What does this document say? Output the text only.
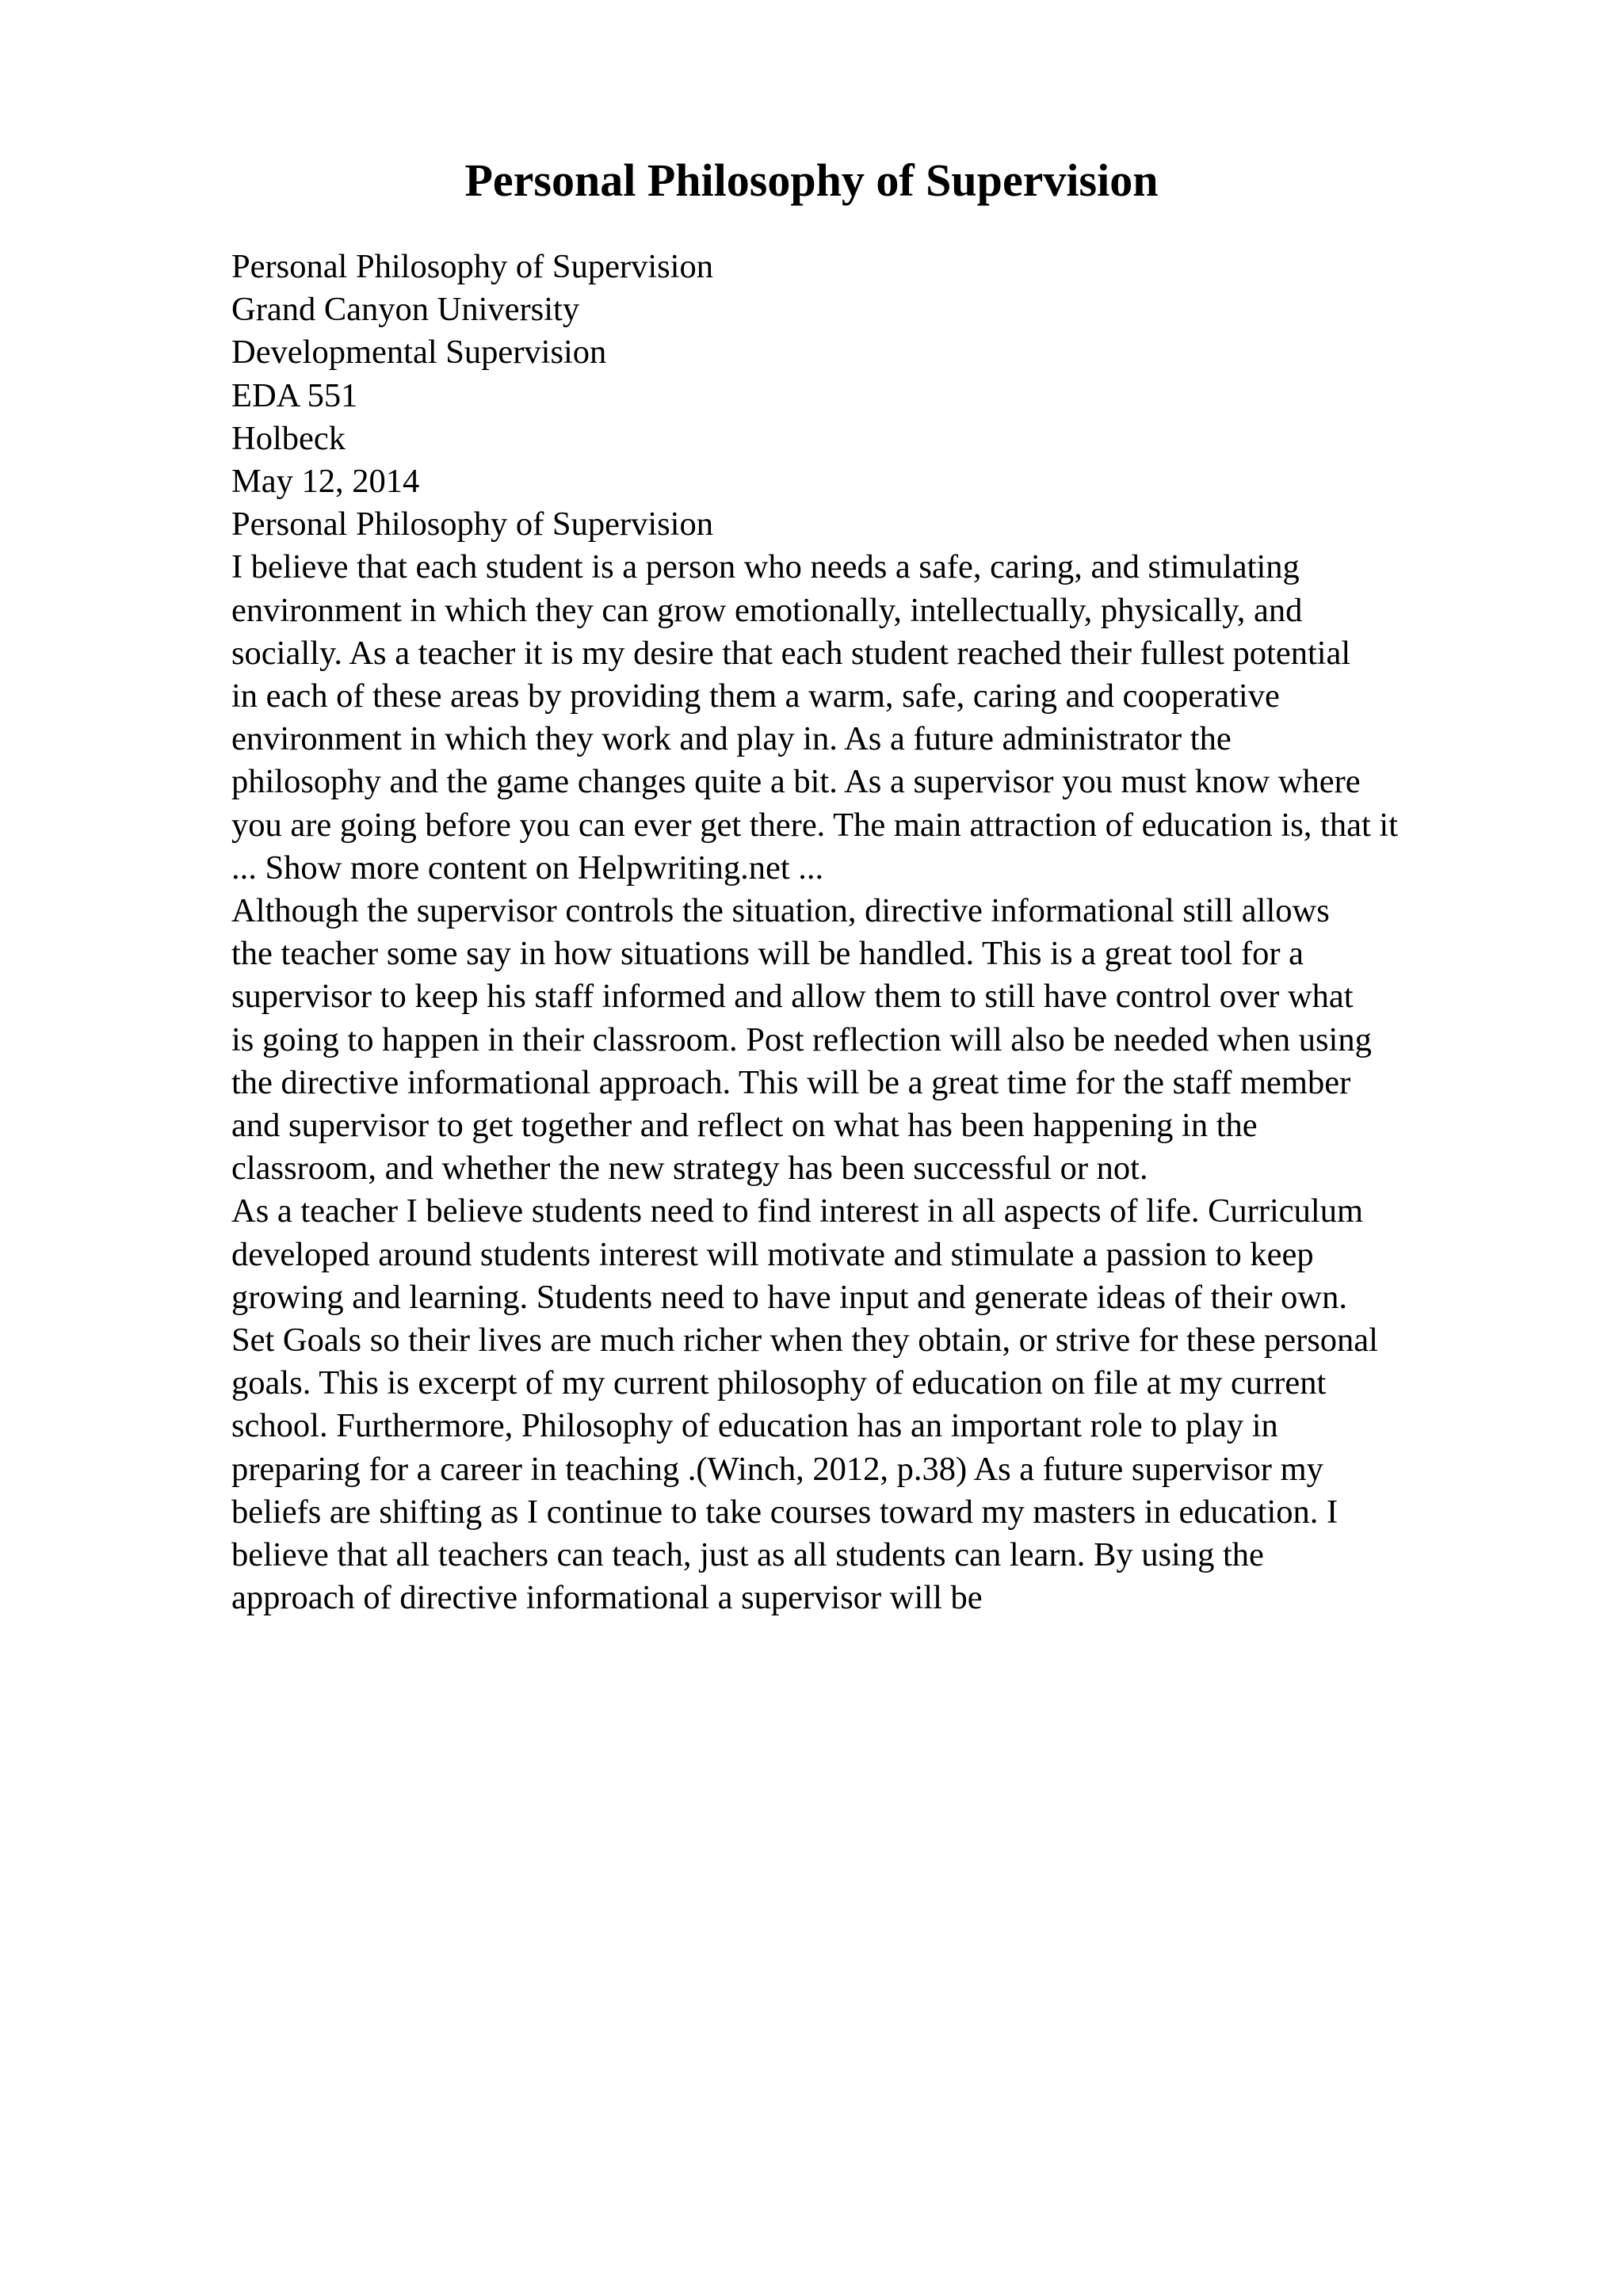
Personal Philosophy of Supervision
Personal Philosophy of Supervision
Grand Canyon University
Developmental Supervision
EDA 551
Holbeck
May 12, 2014
Personal Philosophy of Supervision
I believe that each student is a person who needs a safe, caring, and stimulating
environment in which they can grow emotionally, intellectually, physically, and
socially. As a teacher it is my desire that each student reached their fullest potential
in each of these areas by providing them a warm, safe, caring and cooperative
environment in which they work and play in. As a future administrator the
philosophy and the game changes quite a bit. As a supervisor you must know where
you are going before you can ever get there. The main attraction of education is, that it
... Show more content on Helpwriting.net ...
Although the supervisor controls the situation, directive informational still allows
the teacher some say in how situations will be handled. This is a great tool for a
supervisor to keep his staff informed and allow them to still have control over what
is going to happen in their classroom. Post reflection will also be needed when using
the directive informational approach. This will be a great time for the staff member
and supervisor to get together and reflect on what has been happening in the
classroom, and whether the new strategy has been successful or not.
As a teacher I believe students need to find interest in all aspects of life. Curriculum
developed around students interest will motivate and stimulate a passion to keep
growing and learning. Students need to have input and generate ideas of their own.
Set Goals so their lives are much richer when they obtain, or strive for these personal
goals. This is excerpt of my current philosophy of education on file at my current
school. Furthermore, Philosophy of education has an important role to play in
preparing for a career in teaching .(Winch, 2012, p.38) As a future supervisor my
beliefs are shifting as I continue to take courses toward my masters in education. I
believe that all teachers can teach, just as all students can learn. By using the
approach of directive informational a supervisor will be
